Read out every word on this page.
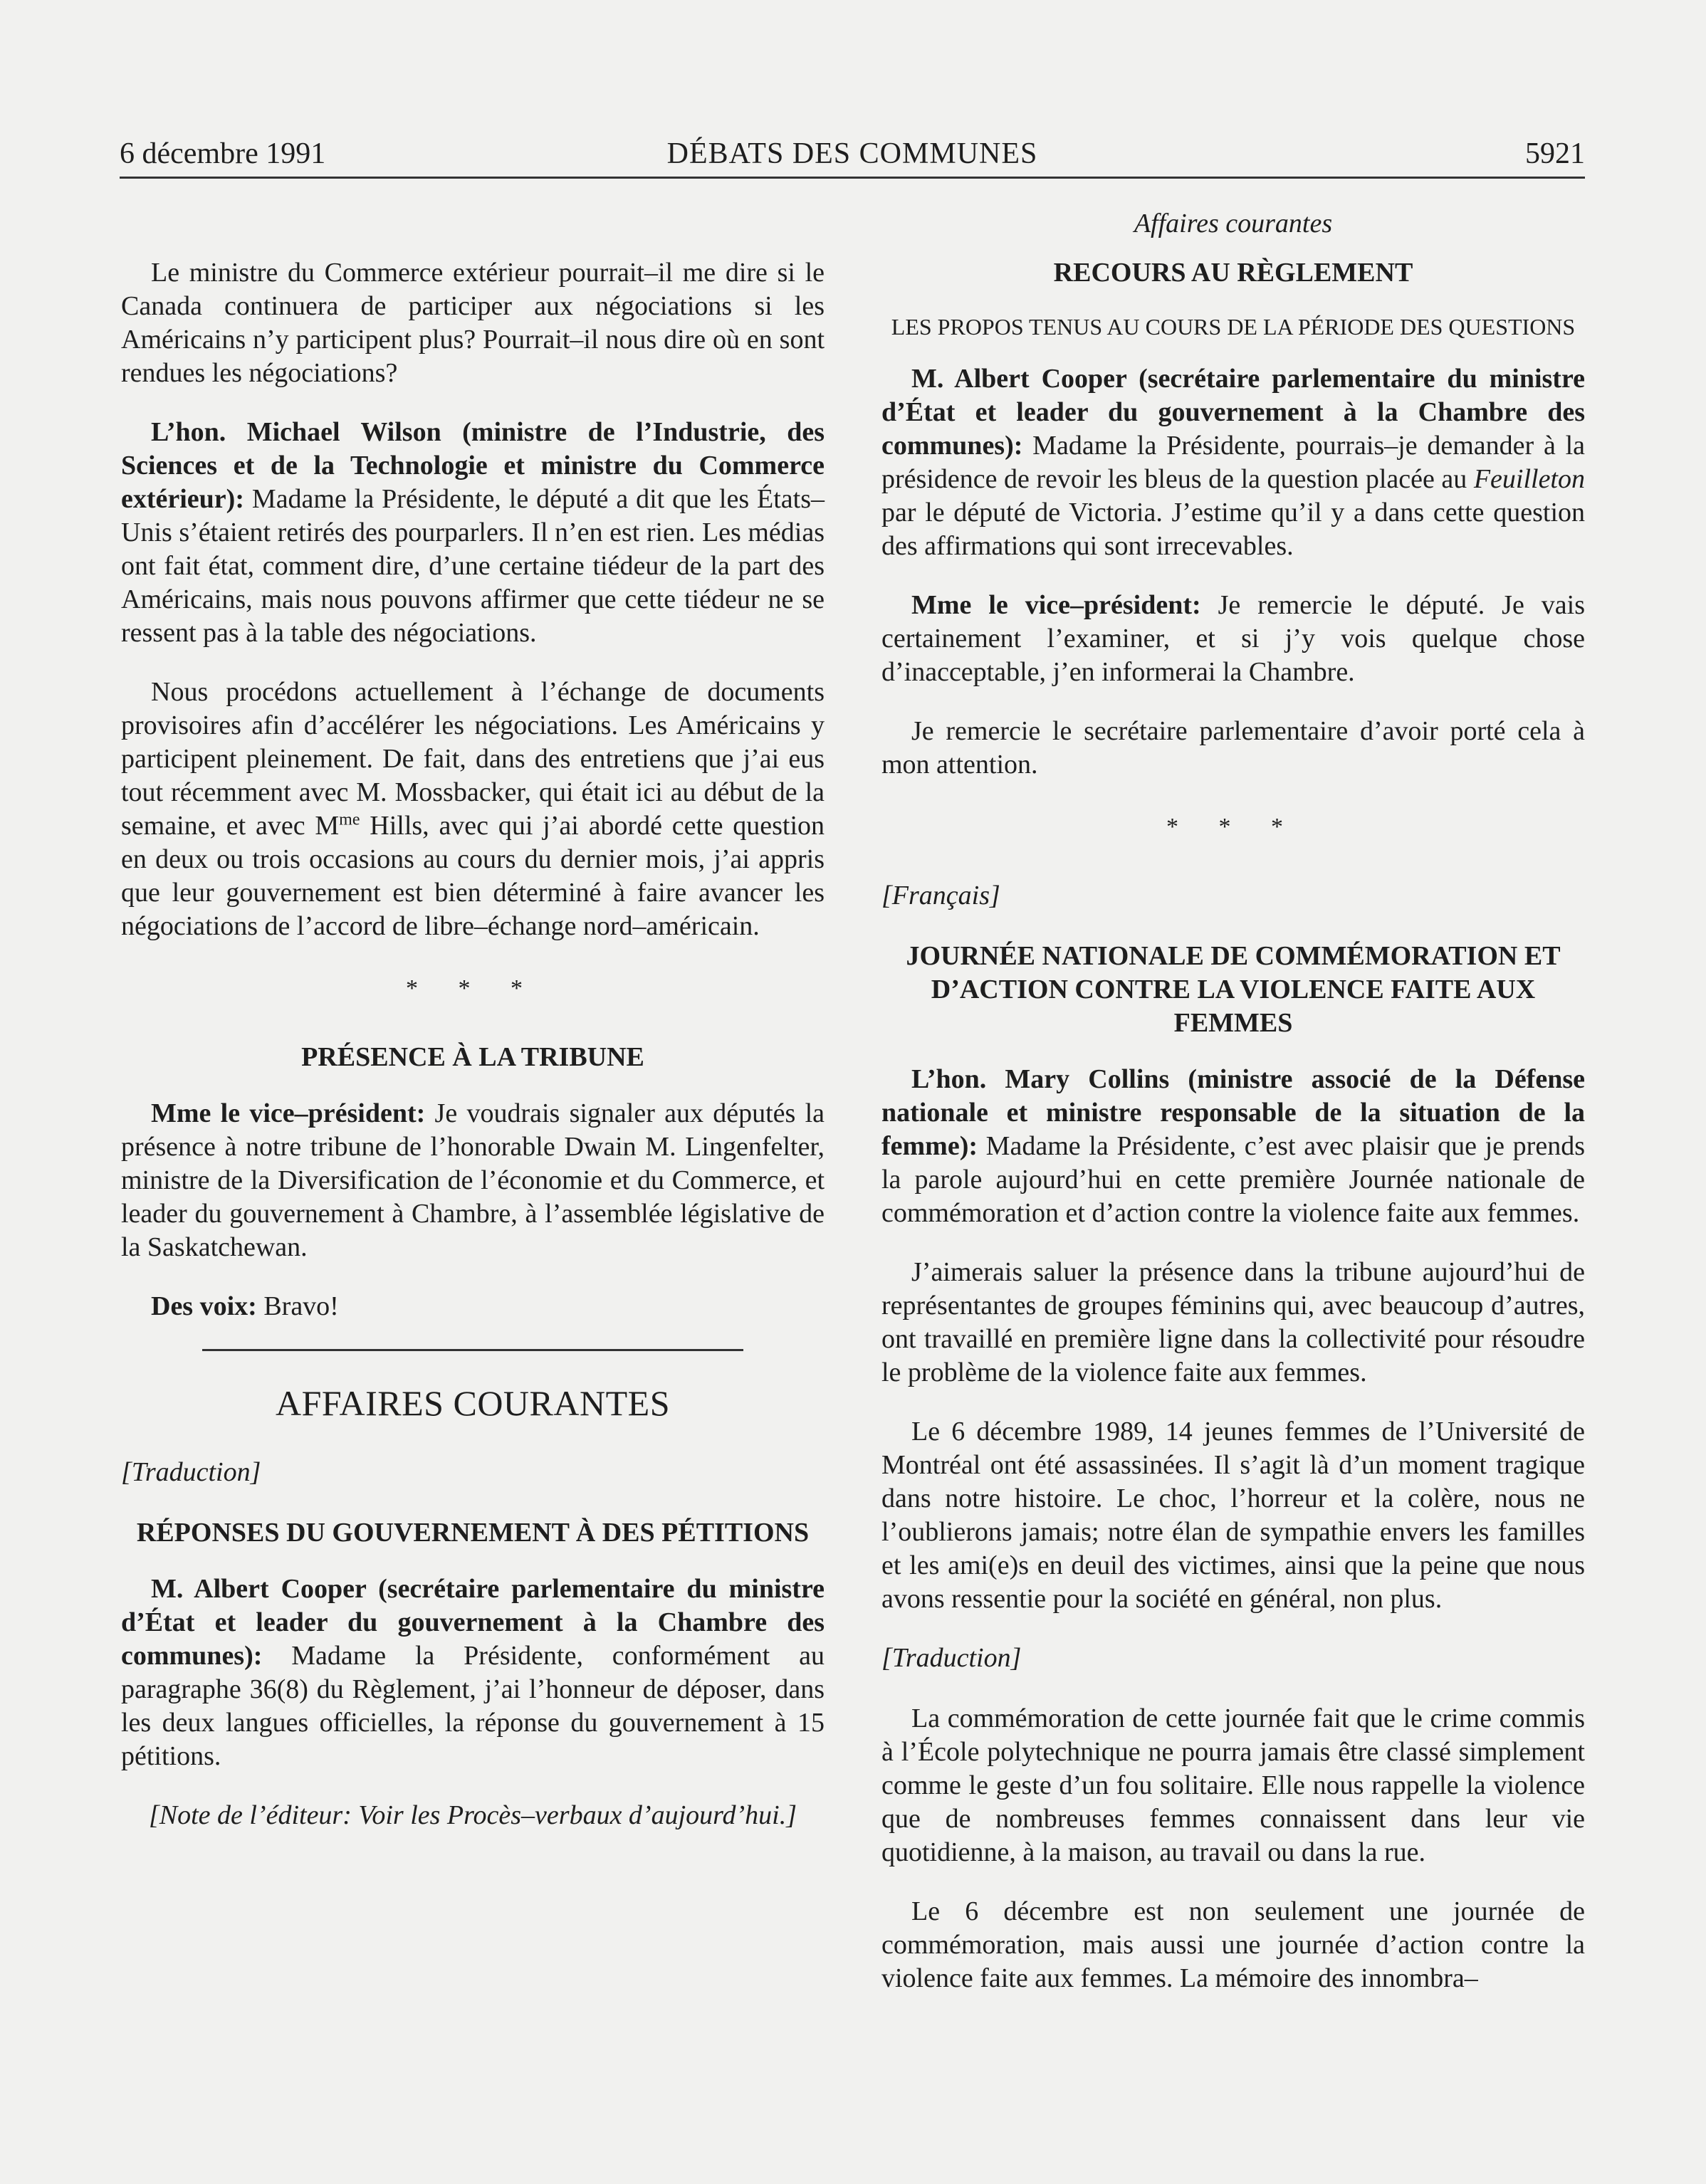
6 décembre 1991	DÉBATS DES COMMUNES	5921
Affaires courantes

Le ministre du Commerce extérieur pourrait–il me dire si le Canada continuera de participer aux négociations si les Américains n’y participent plus? Pourrait–il nous dire où en sont rendues les négociations?

L’hon. Michael Wilson (ministre de l’Industrie, des Sciences et de la Technologie et ministre du Commerce extérieur): Madame la Présidente, le député a dit que les États–Unis s’étaient retirés des pourparlers. Il n’en est rien. Les médias ont fait état, comment dire, d’une certaine tiédeur de la part des Américains, mais nous pouvons affirmer que cette tiédeur ne se ressent pas à la table des négociations.

Nous procédons actuellement à l’échange de documents provisoires afin d’accélérer les négociations. Les Américains y participent pleinement. De fait, dans des entretiens que j’ai eus tout récemment avec M. Mossbacker, qui était ici au début de la semaine, et avec $M^{me}$ Hills, avec qui j’ai abordé cette question en deux ou trois occasions au cours du dernier mois, j’ai appris que leur gouvernement est bien déterminé à faire avancer les négociations de l’accord de libre–échange nord–américain.

* * *
PRÉSENCE À LA TRIBUNE

Mme le vice–président: Je voudrais signaler aux députés la présence à notre tribune de l’honorable Dwain M. Lingenfelter, ministre de la Diversification de l’économie et du Commerce, et leader du gouvernement à Chambre, à l’assemblée législative de la Saskatchewan.

Des voix: Bravo!

AFFAIRES COURANTES
[Traduction]
RÉPONSES DU GOUVERNEMENT À DES PÉTITIONS

M. Albert Cooper (secrétaire parlementaire du ministre d’État et leader du gouvernement à la Chambre des communes): Madame la Présidente, conformément au paragraphe 36(8) du Règlement, j’ai l’honneur de déposer, dans les deux langues officielles, la réponse du gouvernement à 15 pétitions.

[Note de l’éditeur: Voir les Procès–verbaux d’aujourd’hui.]

RECOURS AU RÈGLEMENT
LES PROPOS TENUS AU COURS DE LA PÉRIODE DES QUESTIONS

M. Albert Cooper (secrétaire parlementaire du ministre d’État et leader du gouvernement à la Chambre des communes): Madame la Présidente, pourrais–je demander à la présidence de revoir les bleus de la question placée au Feuilleton par le député de Victoria. J’estime qu’il y a dans cette question des affirmations qui sont irrecevables.

Mme le vice–président: Je remercie le député. Je vais certainement l’examiner, et si j’y vois quelque chose d’inacceptable, j’en informerai la Chambre.

Je remercie le secrétaire parlementaire d’avoir porté cela à mon attention.

* * *
[Français]
JOURNÉE NATIONALE DE COMMÉMORATION ET D’ACTION CONTRE LA VIOLENCE FAITE AUX FEMMES

L’hon. Mary Collins (ministre associé de la Défense nationale et ministre responsable de la situation de la femme): Madame la Présidente, c’est avec plaisir que je prends la parole aujourd’hui en cette première Journée nationale de commémoration et d’action contre la violence faite aux femmes.

J’aimerais saluer la présence dans la tribune aujourd’hui de représentantes de groupes féminins qui, avec beaucoup d’autres, ont travaillé en première ligne dans la collectivité pour résoudre le problème de la violence faite aux femmes.

Le 6 décembre 1989, 14 jeunes femmes de l’Université de Montréal ont été assassinées. Il s’agit là d’un moment tragique dans notre histoire. Le choc, l’horreur et la colère, nous ne l’oublierons jamais; notre élan de sympathie envers les familles et les ami(e)s en deuil des victimes, ainsi que la peine que nous avons ressentie pour la société en général, non plus.

[Traduction]

La commémoration de cette journée fait que le crime commis à l’École polytechnique ne pourra jamais être classé simplement comme le geste d’un fou solitaire. Elle nous rappelle la violence que de nombreuses femmes connaissent dans leur vie quotidienne, à la maison, au travail ou dans la rue.

Le 6 décembre est non seulement une journée de commémoration, mais aussi une journée d’action contre la violence faite aux femmes. La mémoire des innombra–
